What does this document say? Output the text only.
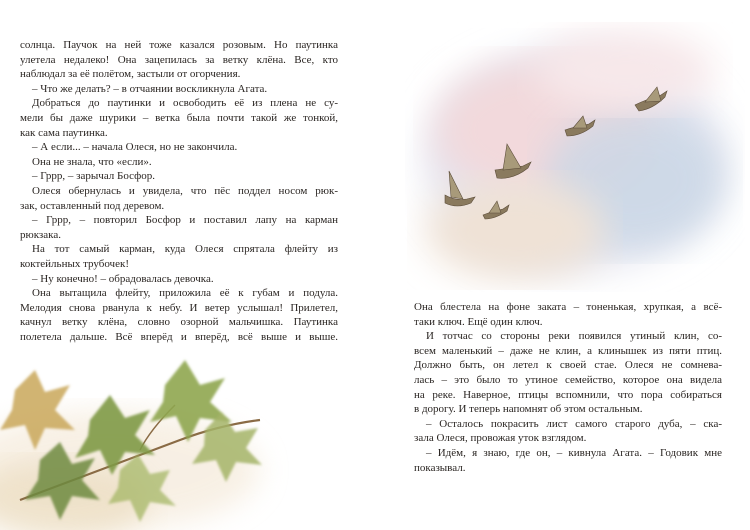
солнца. Паучок на ней тоже казался розовым. Но паутинка
улетела недалеко! Она зацепилась за ветку клёна. Все, кто
наблюдал за её полётом, застыли от огорчения.
– Что же делать? – в отчаянии воскликнула Агата.
Добраться до паутинки и освободить её из плена не су-
мели бы даже шурики – ветка была почти такой же тонкой,
как сама паутинка.
– А если... – начала Олеся, но не закончила.
Она не знала, что «если».
– Гррр, – зарычал Босфор.
Олеся обернулась и увидела, что пёс поддел носом рюк-
зак, оставленный под деревом.
– Гррр, – повторил Босфор и поставил лапу на карман
рюкзака.
На тот самый карман, куда Олеся спрятала флейту из
коктейльных трубочек!
– Ну конечно! – обрадовалась девочка.
Она вытащила флейту, приложила её к губам и подула.
Мелодия снова рванула к небу. И ветер услышал! Прилетел,
качнул ветку клёна, словно озорной мальчишка. Паутинка
полетела дальше. Всё вперёд и вперёд, всё выше и выше.
Она блестела на фоне заката – тоненькая, хрупкая, а всё-
таки ключ. Ещё один ключ.
И тотчас со стороны реки появился утиный клин, со-
всем маленький – даже не клин, а клинышек из пяти птиц.
Должно быть, он летел к своей стае. Олеся не сомнева-
лась – это было то утиное семейство, которое она видела
на реке. Наверное, птицы вспомнили, что пора собираться
в дорогу. И теперь напомнят об этом остальным.
– Осталось покрасить лист самого старого дуба, – ска-
зала Олеся, провожая уток взглядом.
– Идём, я знаю, где он, – кивнула Агата. – Годовик мне
показывал.
